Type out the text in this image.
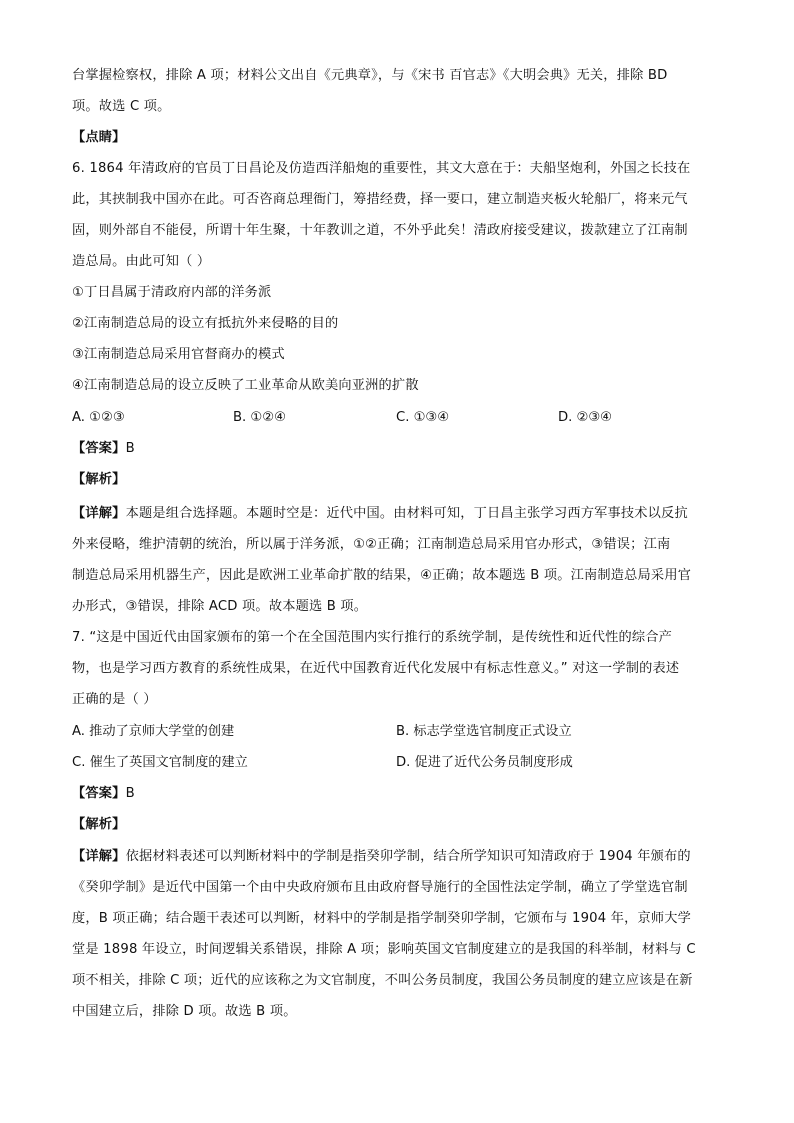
台掌握检察权，排除 A 项；材料公文出自《元典章》，与《宋书 百官志》《大明会典》无关，排除 BD
项。故选 C 项。
【点睛】
6. 1864 年清政府的官员丁日昌论及仿造西洋船炮的重要性，其文大意在于：夫船坚炮利，外国之长技在
此，其挟制我中国亦在此。可否咨商总理衙门，筹措经费，择一要口，建立制造夹板火轮船厂，将来元气
固，则外部自不能侵，所谓十年生聚，十年教训之道，不外乎此矣！清政府接受建议，拨款建立了江南制
造总局。由此可知（ ）
①丁日昌属于清政府内部的洋务派
②江南制造总局的设立有抵抗外来侵略的目的
③江南制造总局采用官督商办的模式
④江南制造总局的设立反映了工业革命从欧美向亚洲的扩散
A. ①②③	B. ①②④	C. ①③④	D. ②③④
【答案】B
【解析】
【详解】本题是组合选择题。本题时空是：近代中国。由材料可知，丁日昌主张学习西方军事技术以反抗
外来侵略，维护清朝的统治，所以属于洋务派，①②正确；江南制造总局采用官办形式，③错误；江南
制造总局采用机器生产，因此是欧洲工业革命扩散的结果，④正确；故本题选 B 项。江南制造总局采用官
办形式，③错误，排除 ACD 项。故本题选 B 项。
7. “这是中国近代由国家颁布的第一个在全国范围内实行推行的系统学制，是传统性和近代性的综合产
物，也是学习西方教育的系统性成果，在近代中国教育近代化发展中有标志性意义。” 对这一学制的表述
正确的是（ ）
A. 推动了京师大学堂的创建	B. 标志学堂选官制度正式设立
C. 催生了英国文官制度的建立	D. 促进了近代公务员制度形成
【答案】B
【解析】
【详解】依据材料表述可以判断材料中的学制是指癸卯学制，结合所学知识可知清政府于 1904 年颁布的
《癸卯学制》是近代中国第一个由中央政府颁布且由政府督导施行的全国性法定学制，确立了学堂选官制
度，B 项正确；结合题干表述可以判断，材料中的学制是指学制癸卯学制，它颁布与 1904 年，京师大学
堂是 1898 年设立，时间逻辑关系错误，排除 A 项；影响英国文官制度建立的是我国的科举制，材料与 C
项不相关，排除 C 项；近代的应该称之为文官制度，不叫公务员制度，我国公务员制度的建立应该是在新
中国建立后，排除 D 项。故选 B 项。
